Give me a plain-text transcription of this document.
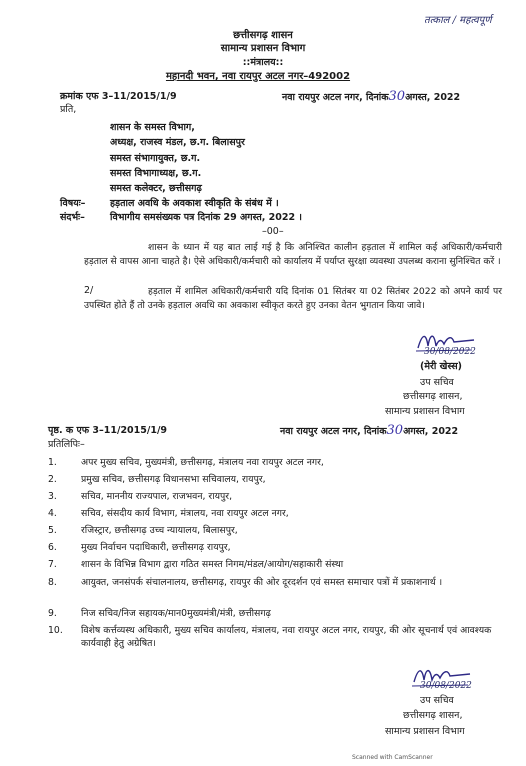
तत्काल / महत्वपूर्ण
छत्तीसगढ़ शासन
सामान्य प्रशासन विभाग
::मंत्रालय::
महानदी भवन, नवा रायपुर अटल नगर–492002
क्रमांक एफ 3–11/2015/1/9	नवा रायपुर अटल नगर, दिनांक30अगस्त, 2022
प्रति,
शासन के समस्त विभाग,
अध्यक्ष, राजस्व मंडल, छ.ग. बिलासपुर
समस्त संभागायुक्त, छ.ग.
समस्त विभागाध्यक्ष, छ.ग.
समस्त कलेक्टर, छत्तीसगढ़
विषयः–	हड़ताल अवधि के अवकाश स्वीकृति के संबंध में ।
संदर्भः–	विभागीय समसंख्यक पत्र दिनांक 29 अगस्त, 2022 ।
–00–
शासन के ध्यान में यह बात लाई गई है कि अनिश्चित कालीन हड़ताल में शामिल कई अधिकारी/कर्मचारी हड़ताल से वापस आना चाहते है। ऐसे अधिकारी/कर्मचारी को कार्यालय में पर्याप्त सुरक्षा व्यवस्था उपलब्ध कराना सुनिश्चित करें ।
2/	हड़ताल में शामिल अधिकारी/कर्मचारी यदि दिनांक 01 सितंबर या 02 सितंबर 2022 को अपने कार्य पर उपस्थित होते हैं तो उनके हड़ताल अवधि का अवकाश स्वीकृत करते हुए उनका वेतन भुगतान किया जावे।
30/08/2022
(मेरी खेस्स)
उप सचिव
छत्तीसगढ़ शासन,
सामान्य प्रशासन विभाग
पृष्ठ. क एफ 3–11/2015/1/9	नवा रायपुर अटल नगर, दिनांक30अगस्त, 2022
प्रतिलिपिः–
1.	अपर मुख्य सचिव, मुख्यमंत्री, छत्तीसगढ़, मंत्रालय नवा रायपुर अटल नगर,
2.	प्रमुख सचिव, छत्तीसगढ़ विधानसभा सचिवालय, रायपुर,
3.	सचिव, माननीय राज्यपाल, राजभवन, रायपुर,
4.	सचिव, संसदीय कार्य विभाग, मंत्रालय, नवा रायपुर अटल नगर,
5.	रजिस्ट्रार, छत्तीसगढ़ उच्च न्यायालय, बिलासपुर,
6.	मुख्य निर्वाचन पदाधिकारी, छत्तीसगढ़ रायपुर,
7.	शासन के विभिन्न विभाग द्वारा गठित समस्त निगम/मंडल/आयोग/सहाकारी संस्था
8.	आयुक्त, जनसंपर्क संचालनालय, छत्तीसगढ़, रायपुर की ओर दूरदर्शन एवं समस्त समाचार पत्रों में प्रकाशनार्थ ।
9.	निज सचिव/निज सहायक/मान0मुख्यमंत्री/मंत्री, छत्तीसगढ़
10. विशेष कर्त्तव्यस्थ अधिकारी, मुख्य सचिव कार्यालय, मंत्रालय, नवा रायपुर अटल नगर, रायपुर, की ओर सूचनार्थ एवं आवश्यक कार्यवाही हेतु अग्रेषित।
30/08/2022
उप सचिव
छत्तीसगढ़ शासन,
सामान्य प्रशासन विभाग
Scanned with CamScanner
